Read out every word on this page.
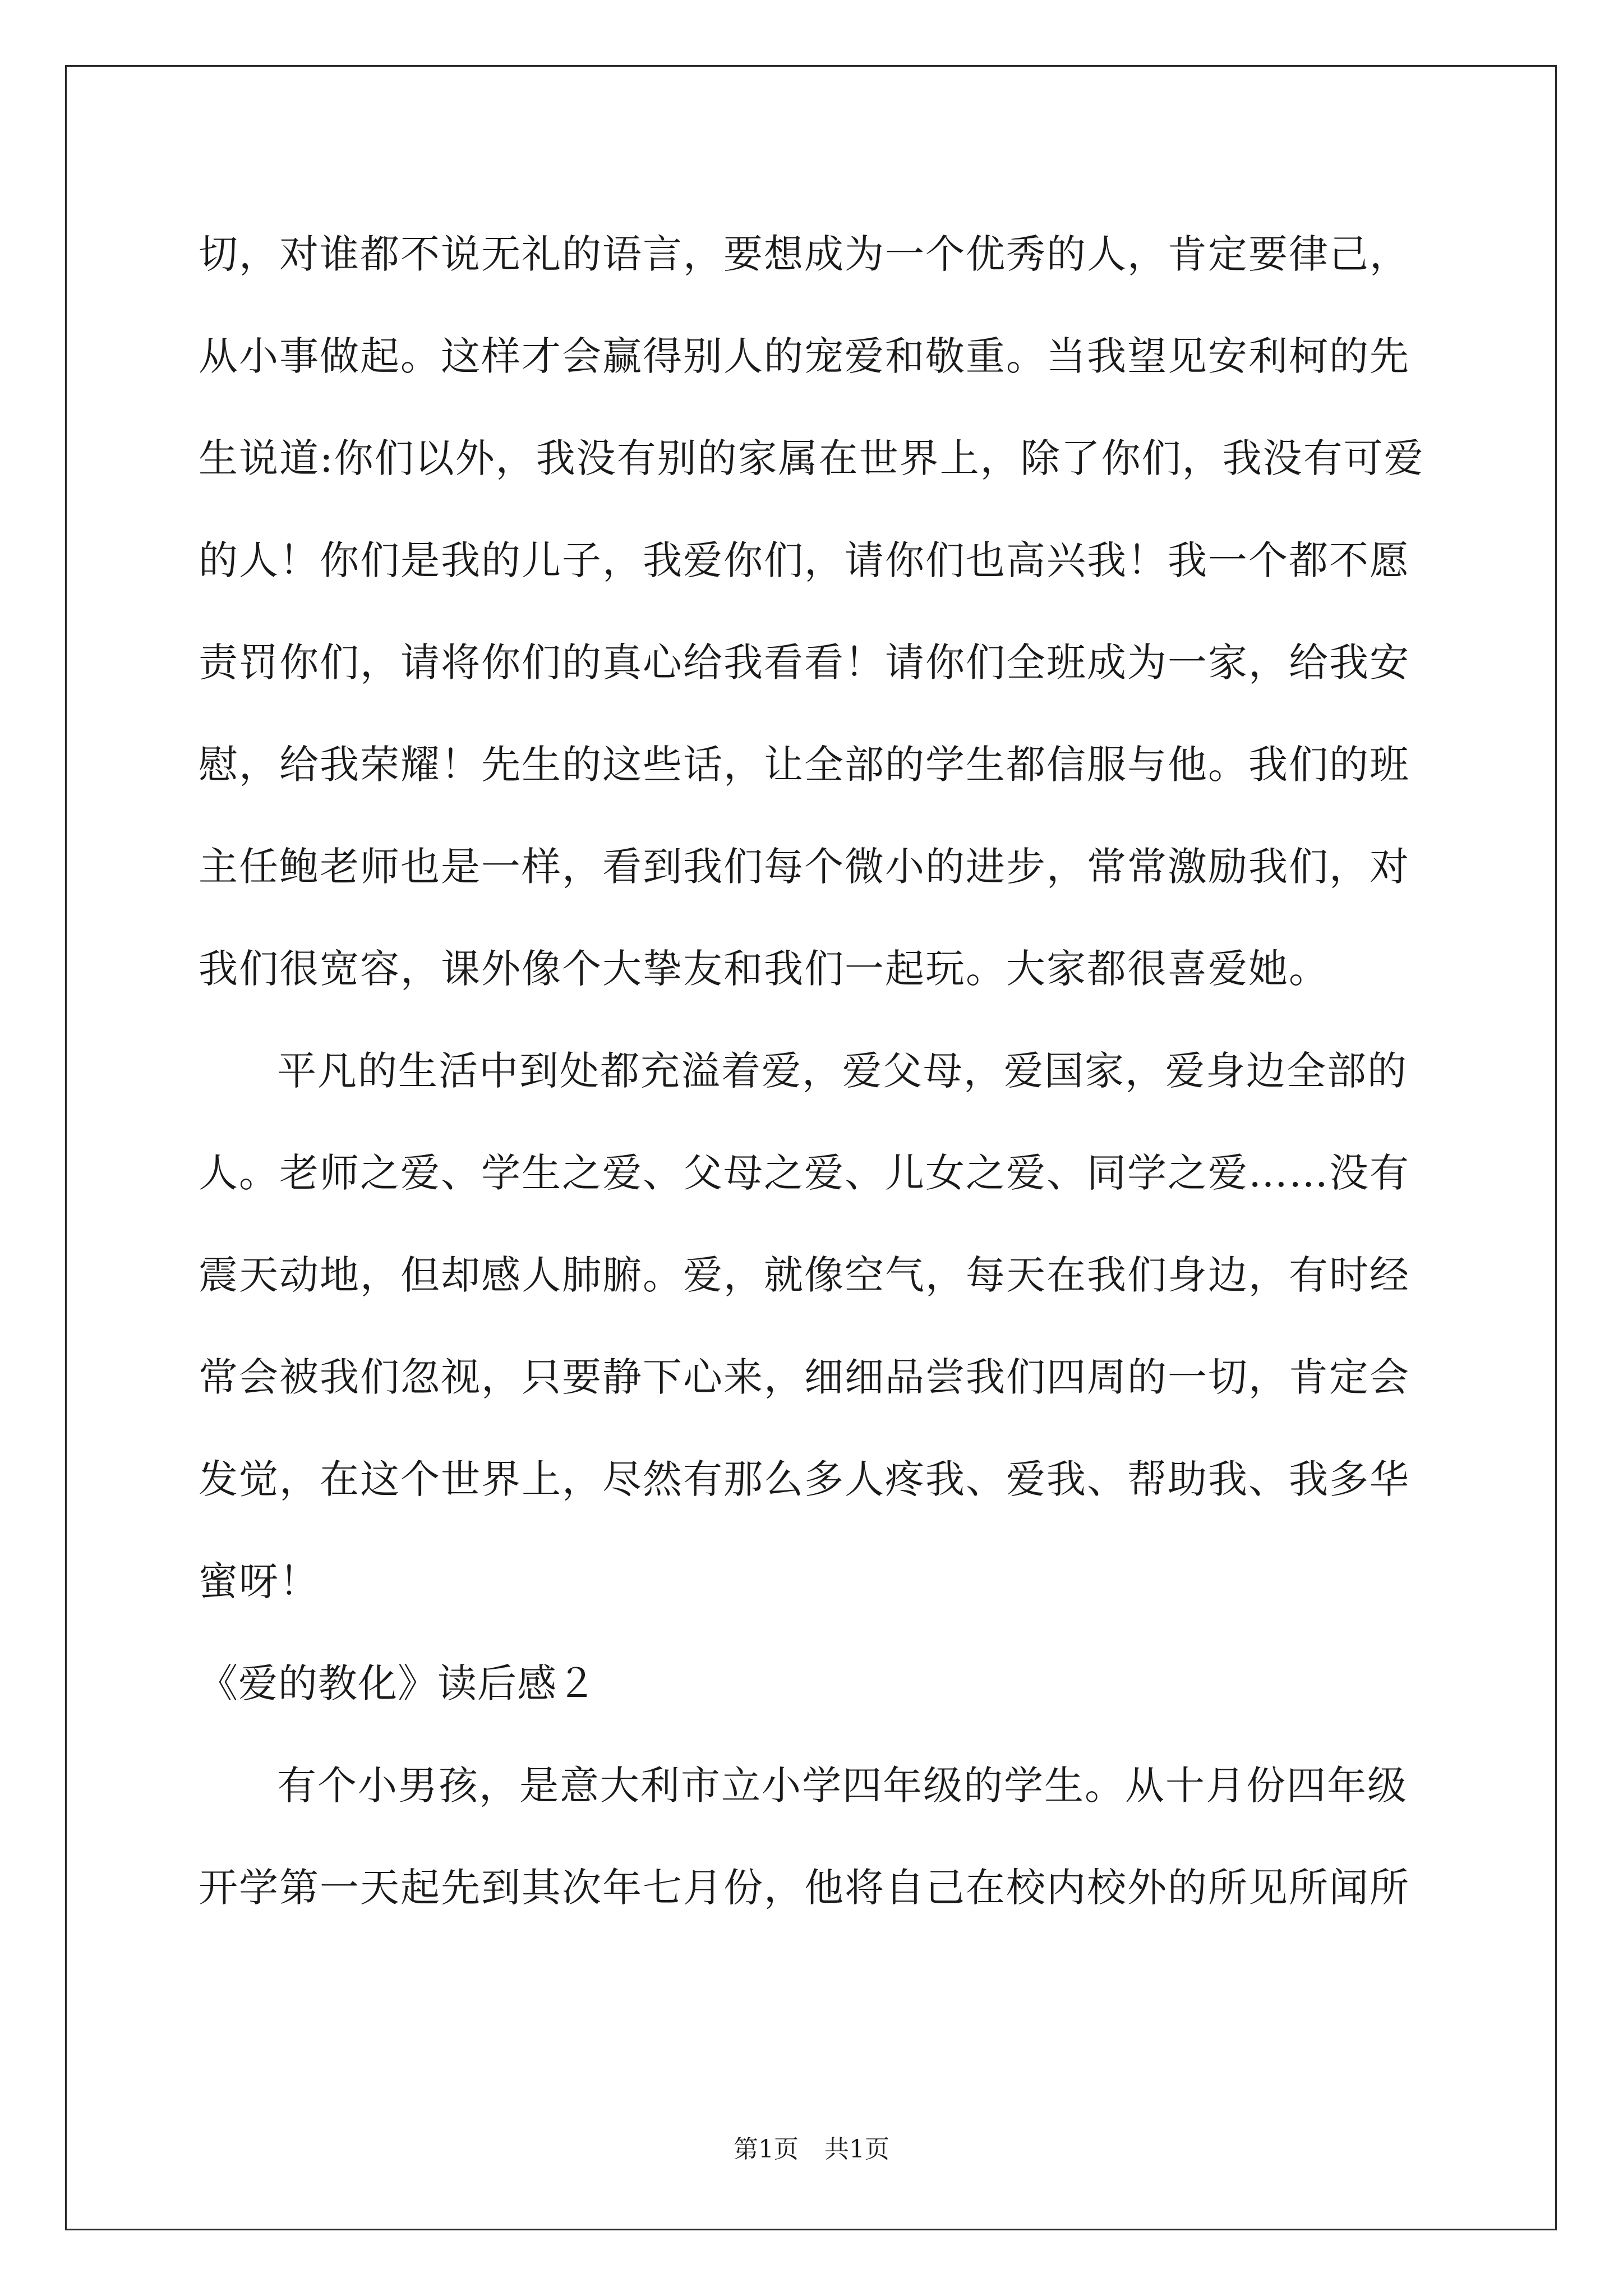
切，对谁都不说无礼的语言，要想成为一个优秀的人，肯定要律己，
从小事做起。这样才会赢得别人的宠爱和敬重。当我望见安利柯的先
生说道:你们以外，我没有别的家属在世界上，除了你们，我没有可爱
的人！你们是我的儿子，我爱你们，请你们也高兴我！我一个都不愿
责罚你们，请将你们的真心给我看看！请你们全班成为一家，给我安
慰，给我荣耀！先生的这些话，让全部的学生都信服与他。我们的班
主任鲍老师也是一样，看到我们每个微小的进步，常常激励我们，对
我们很宽容，课外像个大挚友和我们一起玩。大家都很喜爱她。
平凡的生活中到处都充溢着爱，爱父母，爱国家，爱身边全部的
人。老师之爱、学生之爱、父母之爱、儿女之爱、同学之爱……没有
震天动地，但却感人肺腑。爱，就像空气，每天在我们身边，有时经
常会被我们忽视，只要静下心来，细细品尝我们四周的一切，肯定会
发觉，在这个世界上，尽然有那么多人疼我、爱我、帮助我、我多华
蜜呀！
《爱的教化》读后感２
有个小男孩，是意大利市立小学四年级的学生。从十月份四年级
开学第一天起先到其次年七月份，他将自己在校内校外的所见所闻所
第1页 共1页
